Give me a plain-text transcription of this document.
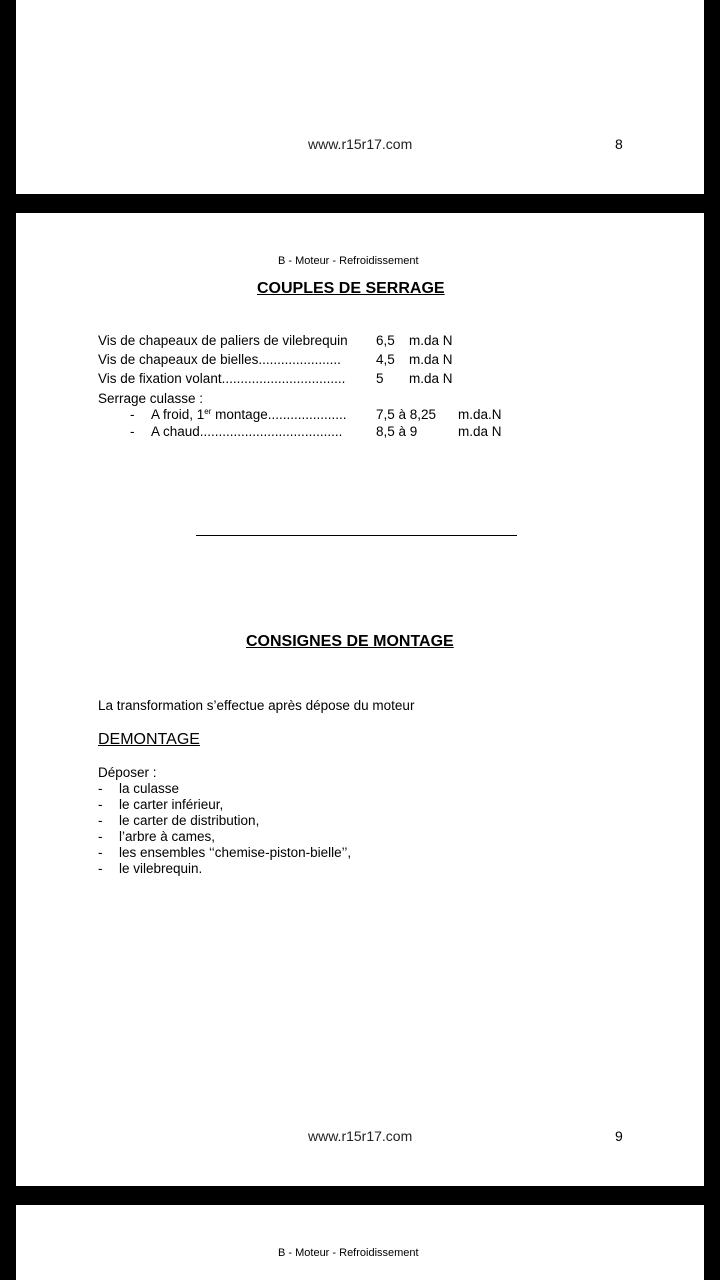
www.r15r17.com	8
B - Moteur - Refroidissement
COUPLES DE SERRAGE
Vis de chapeaux de paliers de vilebrequin 6,5 m.da N
Vis de chapeaux de bielles......................	4,5 m.da N
Vis de fixation volant................................. 5 m.da N
Serrage culasse :
- A froid, 1er montage..................... 7,5 à 8,25 m.da.N
- A chaud...................................... 8,5 à 9	m.da N
CONSIGNES DE MONTAGE
La transformation s’effectue après dépose du moteur
DEMONTAGE
Déposer :
- la culasse
- le carter inférieur,
- le carter de distribution,
- l’arbre à cames,
- les ensembles ‘‘chemise-piston-bielle’’,
- le vilebrequin.
www.r15r17.com	9
B - Moteur - Refroidissement
